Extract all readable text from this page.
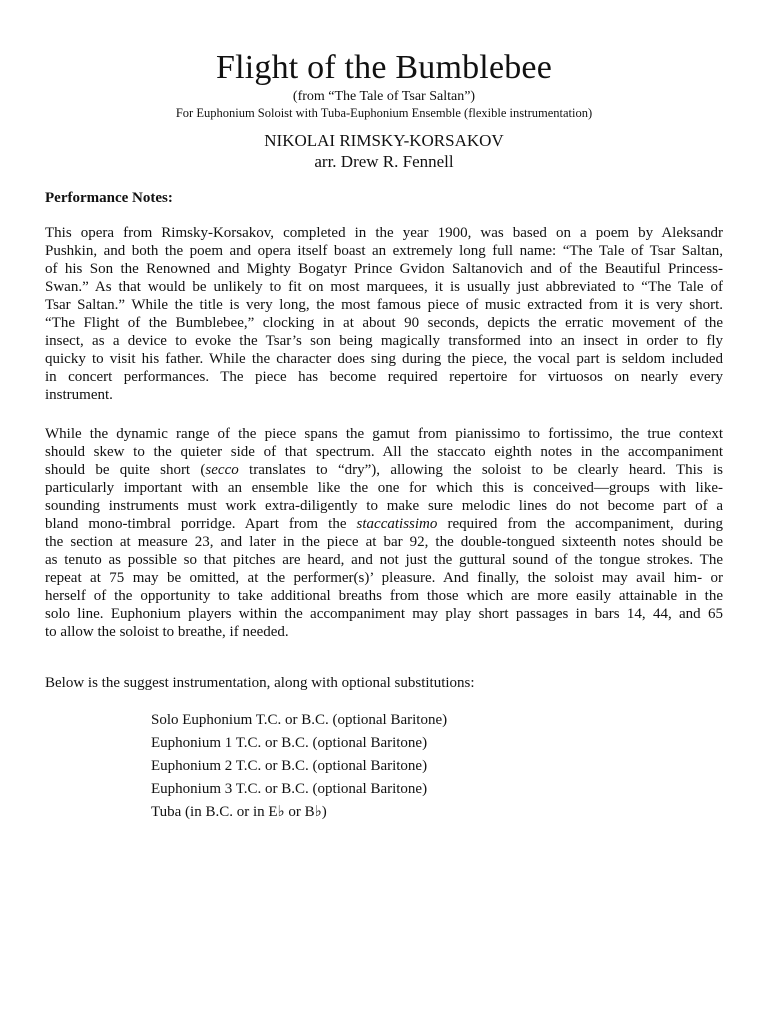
Flight of the Bumblebee
(from “The Tale of Tsar Saltan”)
For Euphonium Soloist with Tuba-Euphonium Ensemble (flexible instrumentation)
NIKOLAI RIMSKY-KORSAKOV
arr. Drew R. Fennell
Performance Notes:
This opera from Rimsky-Korsakov, completed in the year 1900, was based on a poem by Aleksandr
Pushkin, and both the poem and opera itself boast an extremely long full name: “The Tale of Tsar Saltan,
of his Son the Renowned and Mighty Bogatyr Prince Gvidon Saltanovich and of the Beautiful Princess-
Swan.” As that would be unlikely to fit on most marquees, it is usually just abbreviated to “The Tale of
Tsar Saltan.” While the title is very long, the most famous piece of music extracted from it is very short.
“The Flight of the Bumblebee,” clocking in at about 90 seconds, depicts the erratic movement of the
insect, as a device to evoke the Tsar’s son being magically transformed into an insect in order to fly
quicky to visit his father. While the character does sing during the piece, the vocal part is seldom included
in concert performances. The piece has become required repertoire for virtuosos on nearly every
instrument.
While the dynamic range of the piece spans the gamut from pianissimo to fortissimo, the true context
should skew to the quieter side of that spectrum. All the staccato eighth notes in the accompaniment
should be quite short (secco translates to “dry”), allowing the soloist to be clearly heard. This is
particularly important with an ensemble like the one for which this is conceived—groups with like-
sounding instruments must work extra-diligently to make sure melodic lines do not become part of a
bland mono-timbral porridge. Apart from the staccatissimo required from the accompaniment, during
the section at measure 23, and later in the piece at bar 92, the double-tongued sixteenth notes should be
as tenuto as possible so that pitches are heard, and not just the guttural sound of the tongue strokes. The
repeat at 75 may be omitted, at the performer(s)’ pleasure. And finally, the soloist may avail him- or
herself of the opportunity to take additional breaths from those which are more easily attainable in the
solo line. Euphonium players within the accompaniment may play short passages in bars 14, 44, and 65
to allow the soloist to breathe, if needed.
Below is the suggest instrumentation, along with optional substitutions:
Solo Euphonium T.C. or B.C. (optional Baritone)
Euphonium 1 T.C. or B.C. (optional Baritone)
Euphonium 2 T.C. or B.C. (optional Baritone)
Euphonium 3 T.C. or B.C. (optional Baritone)
Tuba (in B.C. or in E♭ or B♭)
